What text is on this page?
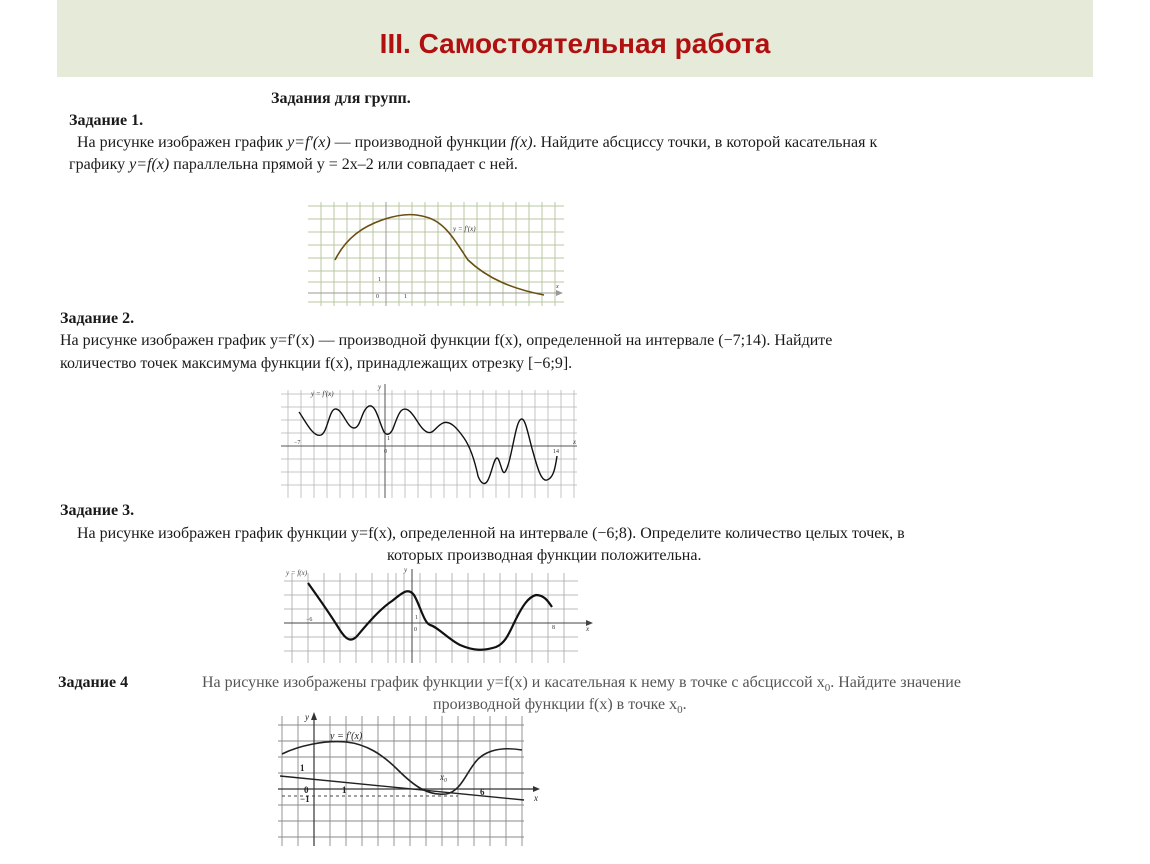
III. Самостоятельная работа
Задания для групп.
Задание 1.
На рисунке изображен график y=f′(x) — производной функции f(x). Найдите абсциссу точки, в которой касательная к
графику y=f(x) параллельна прямой y = 2x–2 или совпадает с ней.
y = f′(x)
1
0	1
x
Задание 2.
На рисунке изображен график y=f′(x) — производной функции f(x), определенной на интервале (−7;14). Найдите
количество точек максимума функции f(x), принадлежащих отрезку [−6;9].
y = f′(x)
y
x
−7
1
0	14
Задание 3.
На рисунке изображен график функции y=f(x), определенной на интервале (−6;8). Определите количество целых точек, в
которых производная функции положительна.
y = f(x)	y
x
−6	1
0	8
Задание 4	На рисунке изображены график функции y=f(x) и касательная к нему в точке с абсциссой $x_0$. Найдите значение
производной функции f(x) в точке $x_0$.
y = f′(x)
y
x
1
0
−1
1
x₀
6
